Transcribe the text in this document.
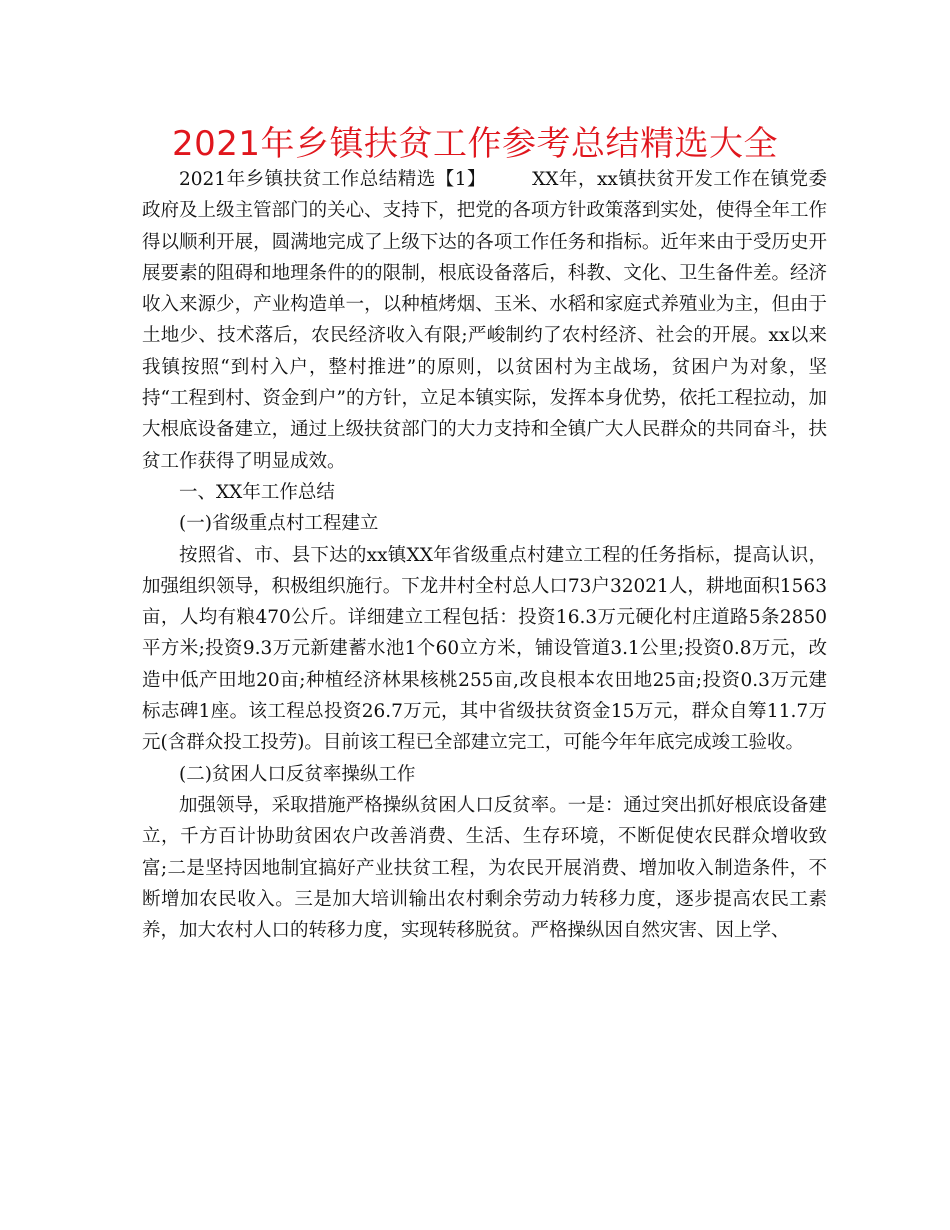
2021年乡镇扶贫工作参考总结精选大全

2021年乡镇扶贫工作总结精选【1】 XX年，xx镇扶贫开发工作在镇党委政府及上级主管部门的关心、支持下，把党的各项方针政策落到实处，使得全年工作得以顺利开展，圆满地完成了上级下达的各项工作任务和指标。近年来由于受历史开展要素的阻碍和地理条件的的限制，根底设备落后，科教、文化、卫生备件差。经济收入来源少，产业构造单一，以种植烤烟、玉米、水稻和家庭式养殖业为主，但由于土地少、技术落后，农民经济收入有限;严峻制约了农村经济、社会的开展。xx以来我镇按照“到村入户，整村推进”的原则，以贫困村为主战场，贫困户为对象，坚持“工程到村、资金到户”的方针，立足本镇实际，发挥本身优势，依托工程拉动，加大根底设备建立，通过上级扶贫部门的大力支持和全镇广大人民群众的共同奋斗，扶贫工作获得了明显成效。

一、XX年工作总结

(一)省级重点村工程建立

按照省、市、县下达的xx镇XX年省级重点村建立工程的任务指标，提高认识，加强组织领导，积极组织施行。下龙井村全村总人口73户32021人，耕地面积1563亩，人均有粮470公斤。详细建立工程包括：投资16.3万元硬化村庄道路5条2850平方米;投资9.3万元新建蓄水池1个60立方米，铺设管道3.1公里;投资0.8万元，改造中低产田地20亩;种植经济林果核桃255亩,改良根本农田地25亩;投资0.3万元建标志碑1座。该工程总投资26.7万元，其中省级扶贫资金15万元，群众自筹11.7万元(含群众投工投劳)。目前该工程已全部建立完工，可能今年年底完成竣工验收。

(二)贫困人口反贫率操纵工作

加强领导，采取措施严格操纵贫困人口反贫率。一是：通过突出抓好根底设备建立，千方百计协助贫困农户改善消费、生活、生存环境，不断促使农民群众增收致富;二是坚持因地制宜搞好产业扶贫工程，为农民开展消费、增加收入制造条件，不断增加农民收入。三是加大培训输出农村剩余劳动力转移力度，逐步提高农民工素养，加大农村人口的转移力度，实现转移脱贫。严格操纵因自然灾害、因上学、
